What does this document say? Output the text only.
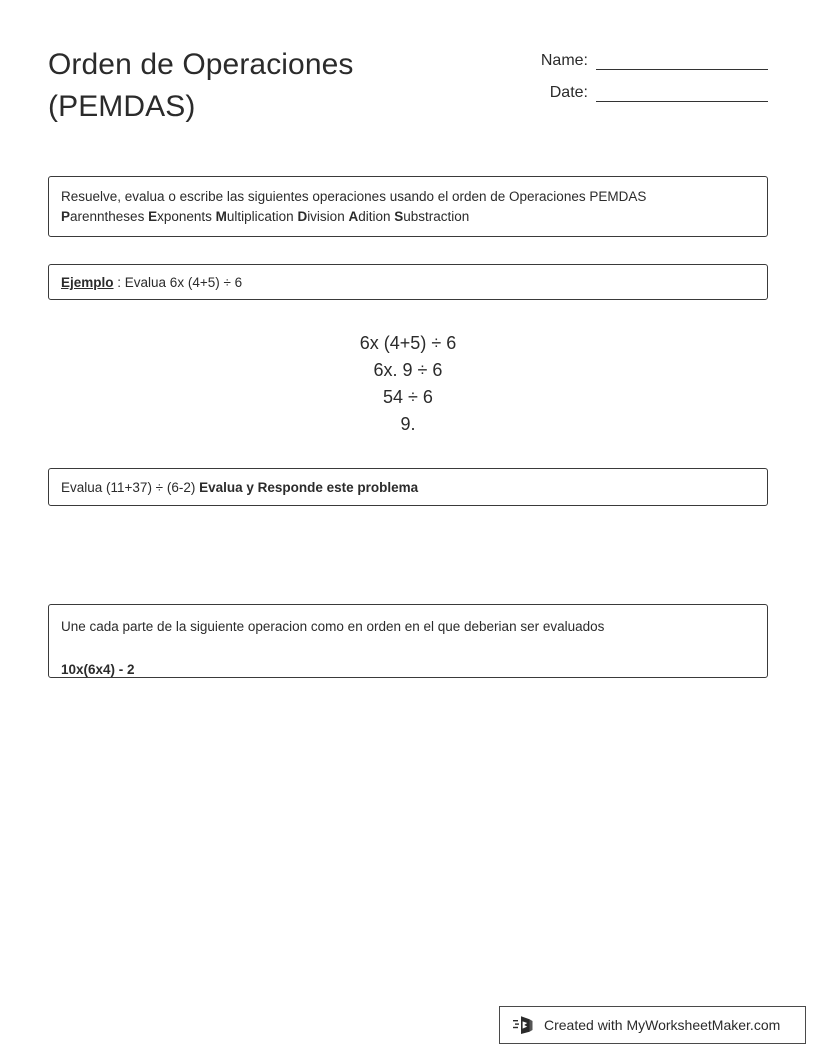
Orden de Operaciones (PEMDAS)
Name:
Date:
Resuelve, evalua o escribe las siguientes operaciones usando el orden de Operaciones PEMDAS
Parenntheses Exponents Multiplication Division Adition Substraction
Ejemplo : Evalua 6x (4+5) ÷ 6
6x (4+5) ÷ 6
6x. 9 ÷ 6
54 ÷ 6
9.
Evalua (11+37) ÷ (6-2) Evalua y Responde este problema
Une cada parte de la siguiente operacion como en orden en el que deberian ser evaluados
10x(6x4) - 2
Created with MyWorksheetMaker.com
